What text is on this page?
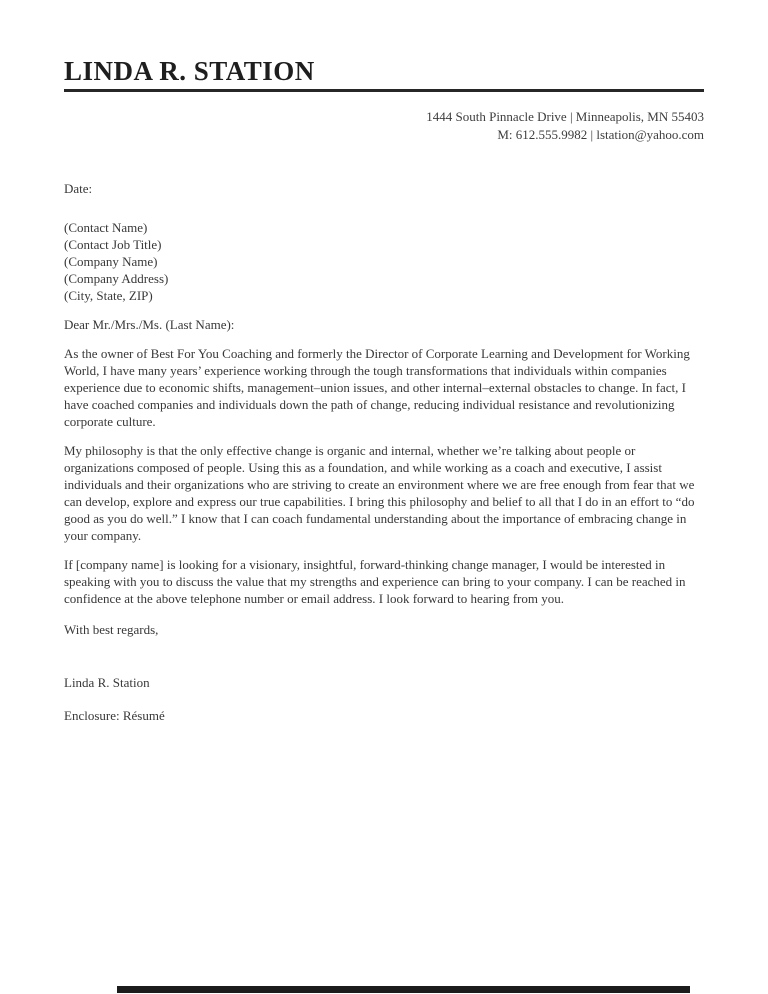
LINDA R. STATION
1444 South Pinnacle Drive | Minneapolis, MN 55403
M: 612.555.9982 | lstation@yahoo.com
Date:
(Contact Name)
(Contact Job Title)
(Company Name)
(Company Address)
(City, State, ZIP)
Dear Mr./Mrs./Ms. (Last Name):

As the owner of Best For You Coaching and formerly the Director of Corporate Learning and Development for Working World, I have many years’ experience working through the tough transformations that individuals within companies experience due to economic shifts, management–union issues, and other internal–external obstacles to change. In fact, I have coached companies and individuals down the path of change, reducing individual resistance and revolutionizing corporate culture.

My philosophy is that the only effective change is organic and internal, whether we’re talking about people or organizations composed of people. Using this as a foundation, and while working as a coach and executive, I assist individuals and their organizations who are striving to create an environment where we are free enough from fear that we can develop, explore and express our true capabilities. I bring this philosophy and belief to all that I do in an effort to “do good as you do well.” I know that I can coach fundamental understanding about the importance of embracing change in your company.

If [company name] is looking for a visionary, insightful, forward-thinking change manager, I would be interested in speaking with you to discuss the value that my strengths and experience can bring to your company. I can be reached in confidence at the above telephone number or email address. I look forward to hearing from you.

With best regards,
Linda R. Station
Enclosure: Résumé
